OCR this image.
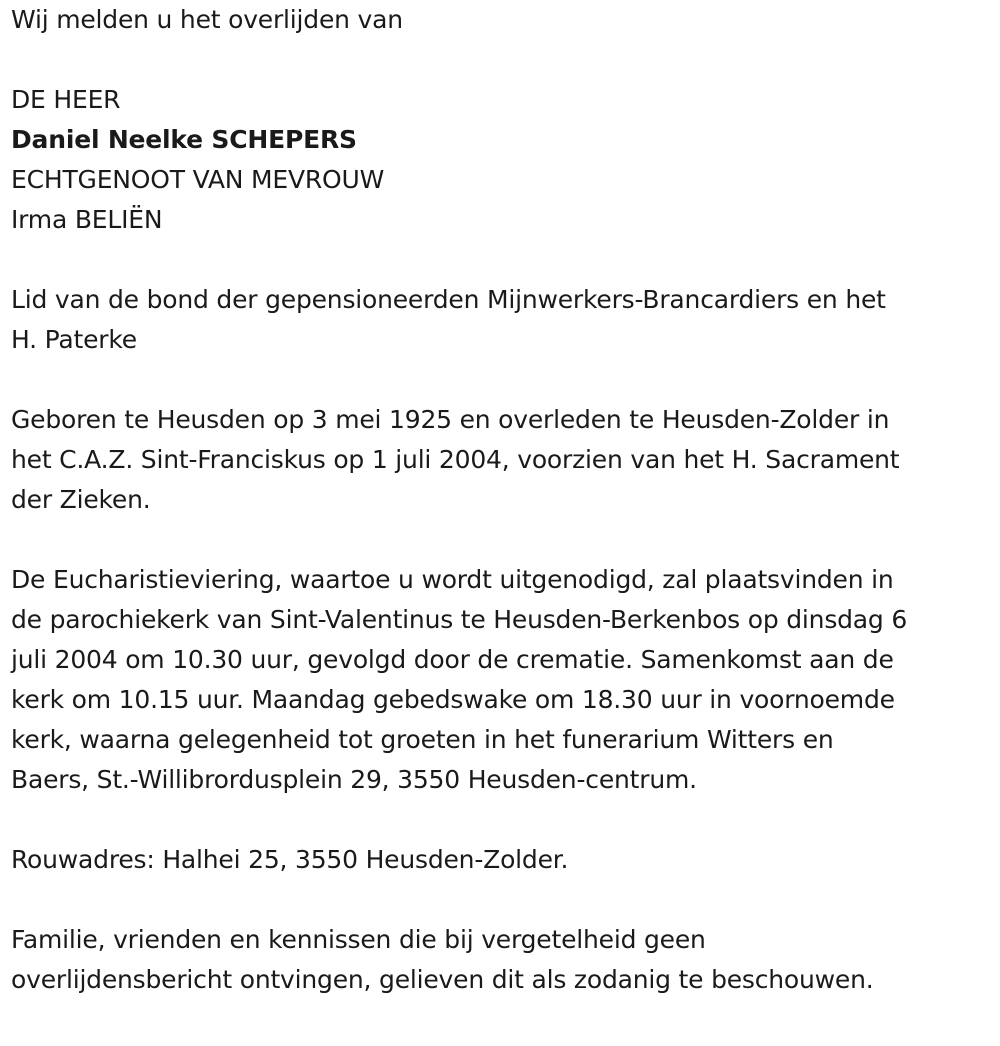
Wij melden u het overlijden van
DE HEER
Daniel Neelke SCHEPERS
ECHTGENOOT VAN MEVROUW
Irma BELIËN
Lid van de bond der gepensioneerden Mijnwerkers-Brancardiers en het
H. Paterke
Geboren te Heusden op 3 mei 1925 en overleden te Heusden-Zolder in
het C.A.Z. Sint-Franciskus op 1 juli 2004, voorzien van het H. Sacrament
der Zieken.
De Eucharistieviering, waartoe u wordt uitgenodigd, zal plaatsvinden in
de parochiekerk van Sint-Valentinus te Heusden-Berkenbos op dinsdag 6
juli 2004 om 10.30 uur, gevolgd door de crematie. Samenkomst aan de
kerk om 10.15 uur. Maandag gebedswake om 18.30 uur in voornoemde
kerk, waarna gelegenheid tot groeten in het funerarium Witters en
Baers, St.-Willibrordusplein 29, 3550 Heusden-centrum.
Rouwadres: Halhei 25, 3550 Heusden-Zolder.
Familie, vrienden en kennissen die bij vergetelheid geen
overlijdensbericht ontvingen, gelieven dit als zodanig te beschouwen.
